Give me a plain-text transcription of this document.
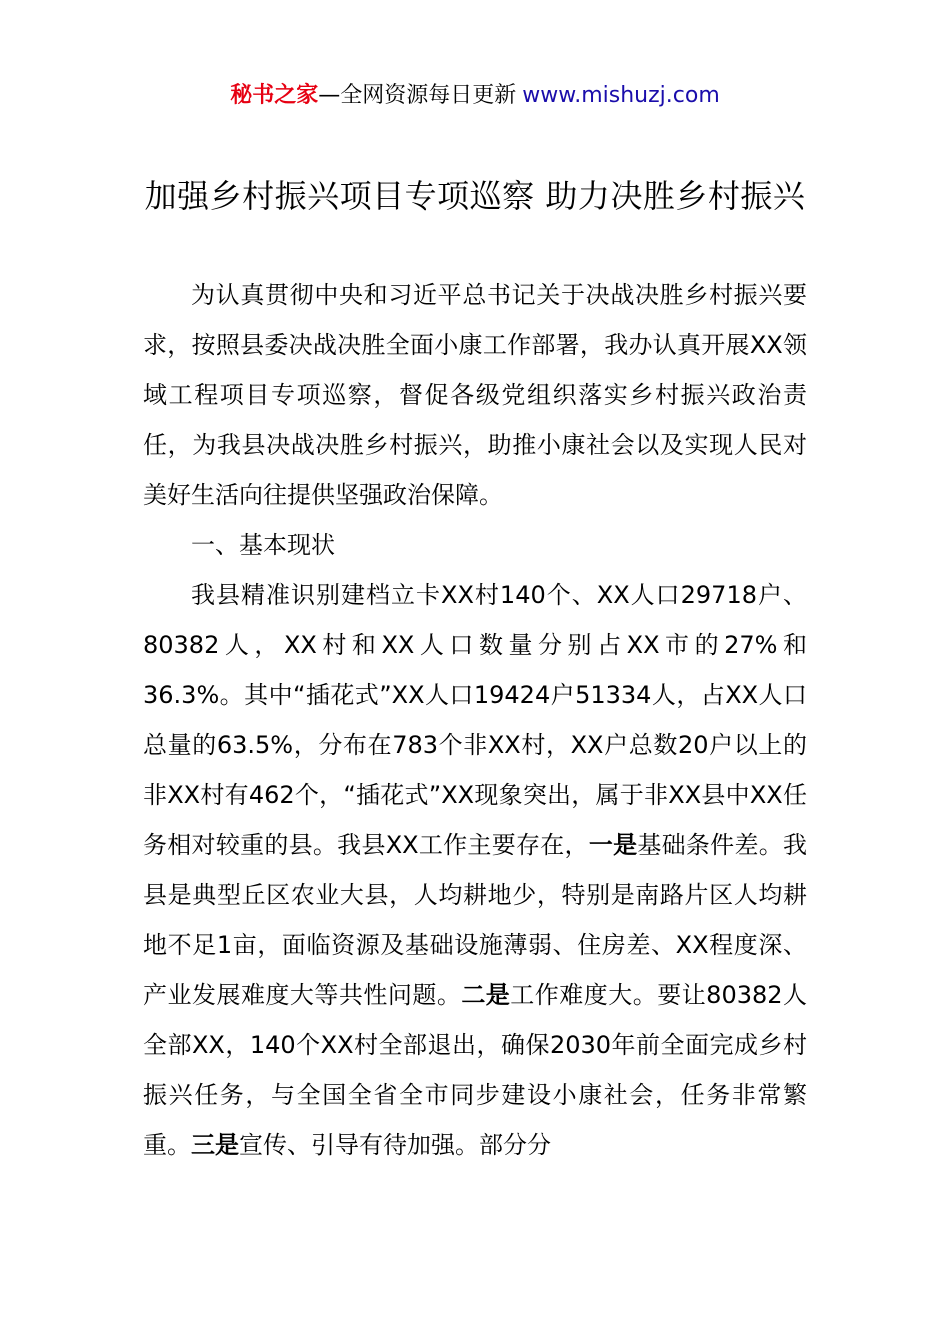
秘书之家—全网资源每日更新 www.mishuzj.com
加强乡村振兴项目专项巡察 助力决胜乡村振兴

为认真贯彻中央和习近平总书记关于决战决胜乡村振兴要求，按照县委决战决胜全面小康工作部署，我办认真开展XX领域工程项目专项巡察，督促各级党组织落实乡村振兴政治责任，为我县决战决胜乡村振兴，助推小康社会以及实现人民对美好生活向往提供坚强政治保障。

一、基本现状

我县精准识别建档立卡XX村140个、XX人口29718户、80382人，XX村和XX人口数量分别占XX市的27%和36.3%。其中“插花式”XX人口19424户51334人，占XX人口总量的63.5%，分布在783个非XX村，XX户总数20户以上的非XX村有462个，“插花式”XX现象突出，属于非XX县中XX任务相对较重的县。我县XX工作主要存在，一是基础条件差。我县是典型丘区农业大县，人均耕地少，特别是南路片区人均耕地不足1亩，面临资源及基础设施薄弱、住房差、XX程度深、产业发展难度大等共性问题。二是工作难度大。要让80382人全部XX，140个XX村全部退出，确保2030年前全面完成乡村振兴任务，与全国全省全市同步建设小康社会，任务非常繁重。三是宣传、引导有待加强。部分分
